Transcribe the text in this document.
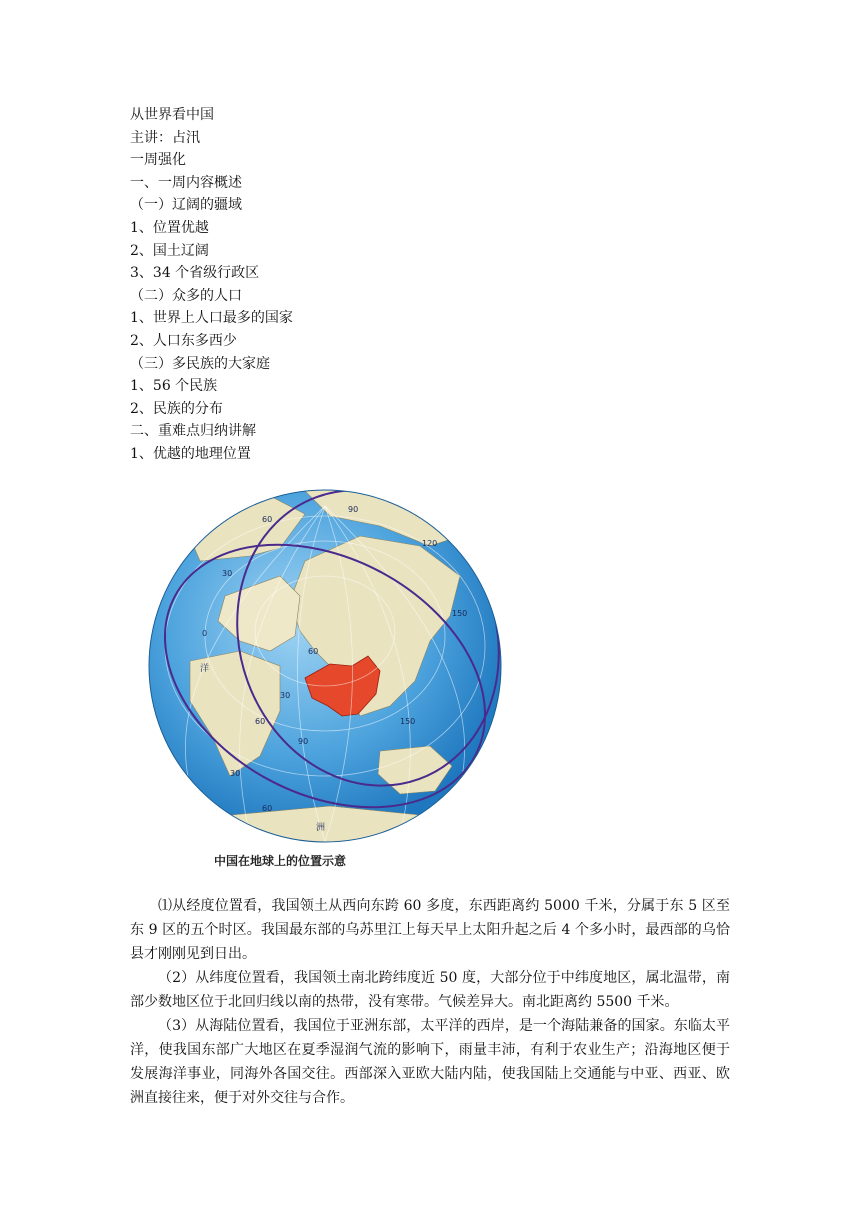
从世界看中国
主讲：占汛
一周强化
一、一周内容概述
（一）辽阔的疆域
1、位置优越
2、国土辽阔
3、34 个省级行政区
（二）众多的人口
1、世界上人口最多的国家
2、人口东多西少
（三）多民族的大家庭
1、56 个民族
2、民族的分布
二、重难点归纳讲解
1、优越的地理位置
60
90
120
150
30
0
60
30
150
60
90
30
60
洋
洲
中国在地球上的位置示意

⑴从经度位置看，我国领土从西向东跨 60 多度，东西距离约 5000 千米，分属于东 5 区至东 9 区的五个时区。我国最东部的乌苏里江上每天早上太阳升起之后 4 个多小时，最西部的乌恰县才刚刚见到日出。

（2）从纬度位置看，我国领土南北跨纬度近 50 度，大部分位于中纬度地区，属北温带，南部少数地区位于北回归线以南的热带，没有寒带。气候差异大。南北距离约 5500 千米。

（3）从海陆位置看，我国位于亚洲东部，太平洋的西岸，是一个海陆兼备的国家。东临太平洋，使我国东部广大地区在夏季湿润气流的影响下，雨量丰沛，有利于农业生产；沿海地区便于发展海洋事业，同海外各国交往。西部深入亚欧大陆内陆，使我国陆上交通能与中亚、西亚、欧洲直接往来，便于对外交往与合作。
